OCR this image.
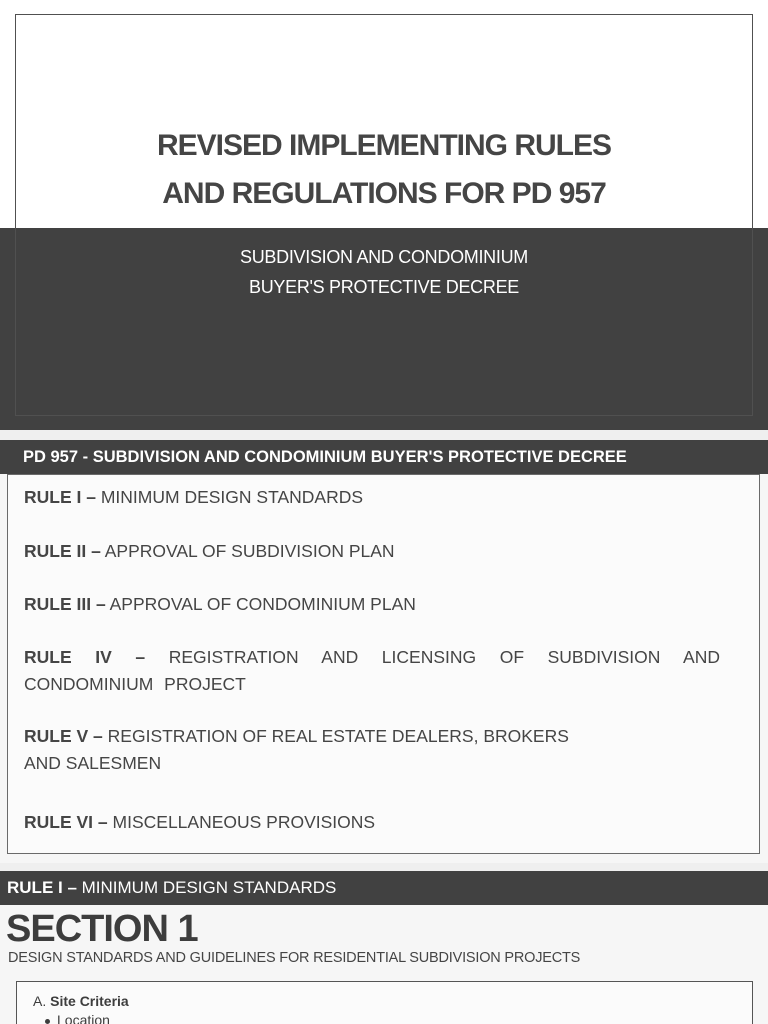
REVISED IMPLEMENTING RULES
AND REGULATIONS FOR PD 957
SUBDIVISION AND CONDOMINIUM
BUYER'S PROTECTIVE DECREE
PD 957 - SUBDIVISION AND CONDOMINIUM BUYER'S PROTECTIVE DECREE
RULE I – MINIMUM DESIGN STANDARDS
RULE II – APPROVAL OF SUBDIVISION PLAN
RULE III – APPROVAL OF CONDOMINIUM PLAN
RULE IV – REGISTRATION AND LICENSING OF SUBDIVISION AND CONDOMINIUM PROJECT
RULE V – REGISTRATION OF REAL ESTATE DEALERS, BROKERS
AND SALESMEN
RULE VI – MISCELLANEOUS PROVISIONS
RULE I – MINIMUM DESIGN STANDARDS
SECTION 1
DESIGN STANDARDS AND GUIDELINES FOR RESIDENTIAL SUBDIVISION PROJECTS
A. Site Criteria
Location
